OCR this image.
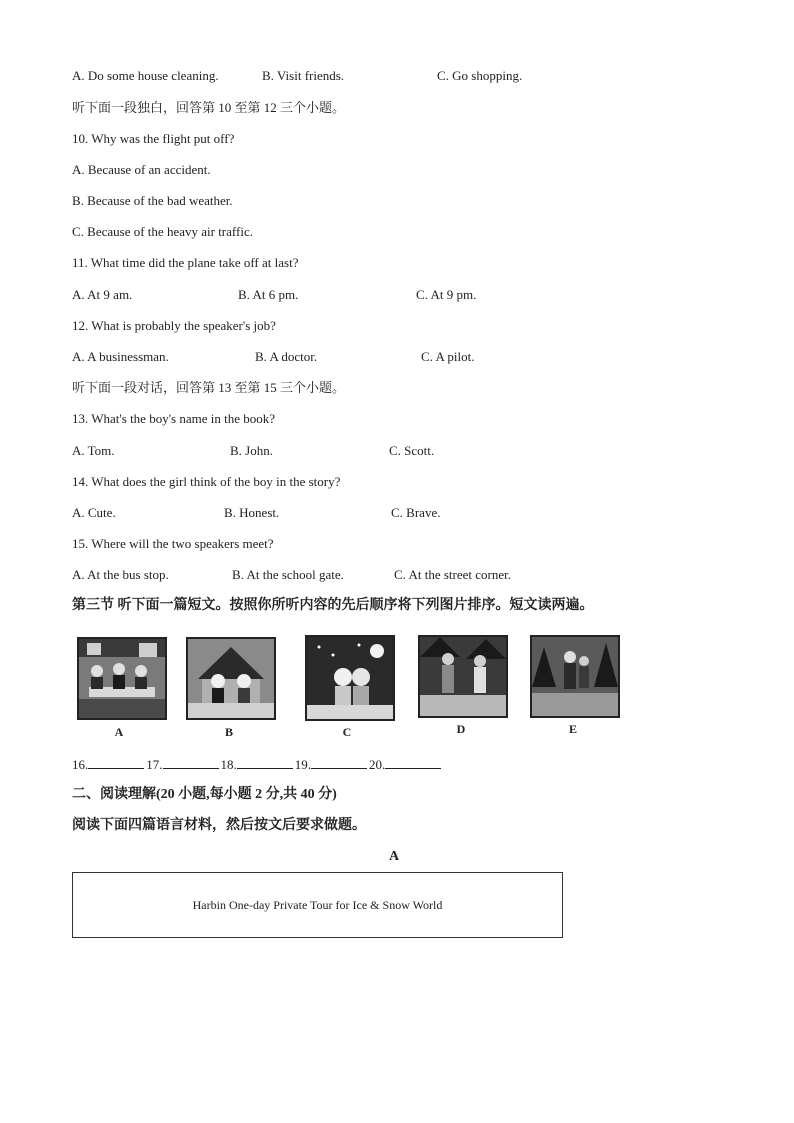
A. Do some house cleaning.	B. Visit friends.	C. Go shopping.
听下面一段独白，回答第 10 至第 12 三个小题。
10. Why was the flight put off?
A. Because of an accident.
B. Because of the bad weather.
C. Because of the heavy air traffic.
11. What time did the plane take off at last?
A. At 9 am.	B. At 6 pm.	C. At 9 pm.
12. What is probably the speaker's job?
A. A businessman.	B. A doctor.	C. A pilot.
听下面一段对话，回答第 13 至第 15 三个小题。
13. What's the boy's name in the book?
A. Tom.	B. John.	C. Scott.
14. What does the girl think of the boy in the story?
A. Cute.	B. Honest.	C. Brave.
15. Where will the two speakers meet?
A. At the bus stop.	B. At the school gate.	C. At the street corner.
第三节 听下面一篇短文。按照你所听内容的先后顺序将下列图片排序。短文读两遍。
A	B	C	D	E
16.	17.	18.	19.	20.
二、阅读理解(20 小题,每小题 2 分,共 40 分)
阅读下面四篇语言材料，然后按文后要求做题。
A
Harbin One-day Private Tour for Ice & Snow World
